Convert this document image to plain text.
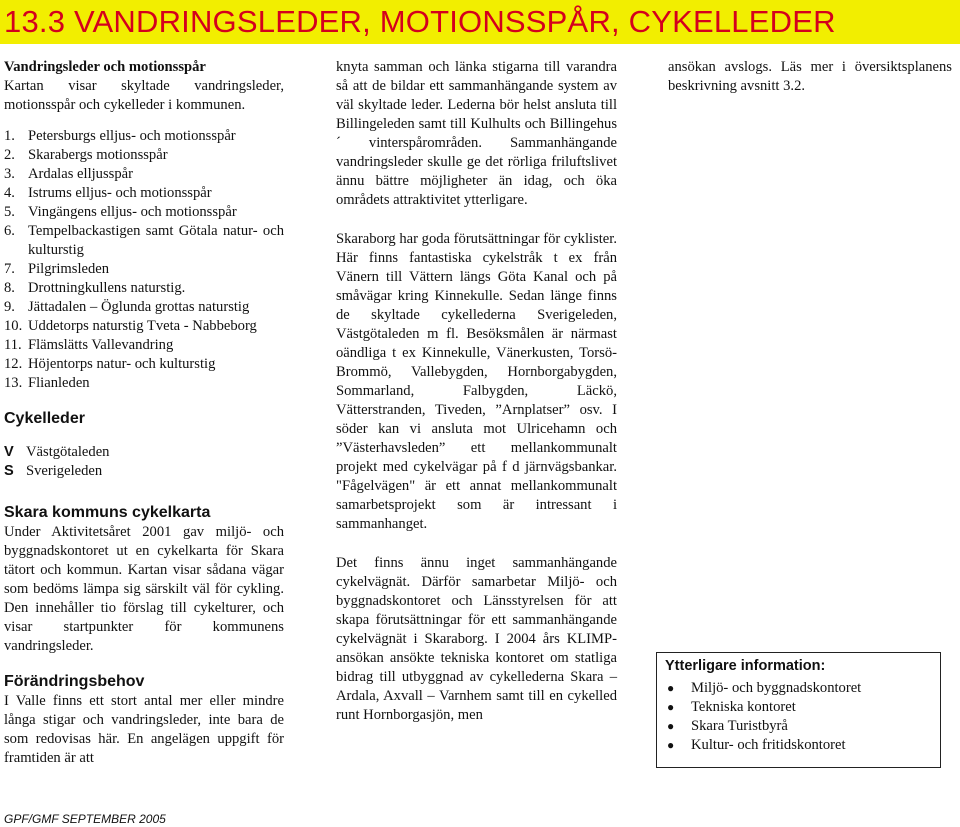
13.3 VANDRINGSLEDER, MOTIONSSPÅR, CYKELLEDER

Vandringsleder och motionsspår

Kartan visar skyltade vandringsleder, motionsspår och cykelleder i kommunen.

1. Petersburgs elljus- och motionsspår
2. Skarabergs motionsspår
3. Ardalas elljusspår
4. Istrums elljus- och motionsspår
5. Vingängens elljus- och motionsspår
6. Tempelbackastigen samt Götala natur- och kulturstig
7. Pilgrimsleden
8. Drottningkullens naturstig.
9. Jättadalen – Öglunda grottas naturstig
10. Uddetorps naturstig Tveta - Nabbeborg
11. Flämslätts Vallevandring
12. Höjentorps natur- och kulturstig
13. Flianleden
Cykelleder
V Västgötaleden
S Sverigeleden
Skara kommuns cykelkarta

Under Aktivitetsåret 2001 gav miljö- och byggnadskontoret ut en cykelkarta för Skara tätort och kommun. Kartan visar sådana vägar som bedöms lämpa sig särskilt väl för cykling. Den innehåller tio förslag till cykelturer, och visar startpunkter för kommunens vandringsleder.

Förändringsbehov

I Valle finns ett stort antal mer eller mindre långa stigar och vandringsleder, inte bara de som redovisas här. En angelägen uppgift för framtiden är att

knyta samman och länka stigarna till varandra så att de bildar ett sammanhängande system av väl skyltade leder. Lederna bör helst ansluta till Billingeleden samt till Kulhults och Billingehus´ vinterspårområden. Sammanhängande vandringsleder skulle ge det rörliga friluftslivet ännu bättre möjligheter än idag, och öka områdets attraktivitet ytterligare.

Skaraborg har goda förutsättningar för cyklister. Här finns fantastiska cykelstråk t ex från Vänern till Vättern längs Göta Kanal och på småvägar kring Kinnekulle. Sedan länge finns de skyltade cykellederna Sverigeleden, Västgötaleden m fl. Besöksmålen är närmast oändliga t ex Kinnekulle, Vänerkusten, Torsö-Brommö, Vallebygden, Hornborgabygden, Sommarland, Falbygden, Läckö, Vätterstranden, Tiveden, ”Arnplatser” osv. I söder kan vi ansluta mot Ulricehamn och ”Västerhavsleden” ett mellankommunalt projekt med cykelvägar på f d järnvägsbankar. "Fågelvägen" är ett annat mellankommunalt samarbetsprojekt som är intressant i sammanhanget.

Det finns ännu inget sammanhängande cykelvägnät. Därför samarbetar Miljö- och byggnadskontoret och Länsstyrelsen för att skapa förutsättningar för ett sammanhängande cykelvägnät i Skaraborg. I 2004 års KLIMP-ansökan ansökte tekniska kontoret om statliga bidrag till utbyggnad av cykellederna Skara – Ardala, Axvall – Varnhem samt till en cykelled runt Hornborgasjön, men

ansökan avslogs. Läs mer i översiktsplanens beskrivning avsnitt 3.2.

Ytterligare information:
●	Miljö- och byggnadskontoret
●	Tekniska kontoret
●	Skara Turistbyrå
●	Kultur- och fritidskontoret
GPF/GMF SEPTEMBER 2005
